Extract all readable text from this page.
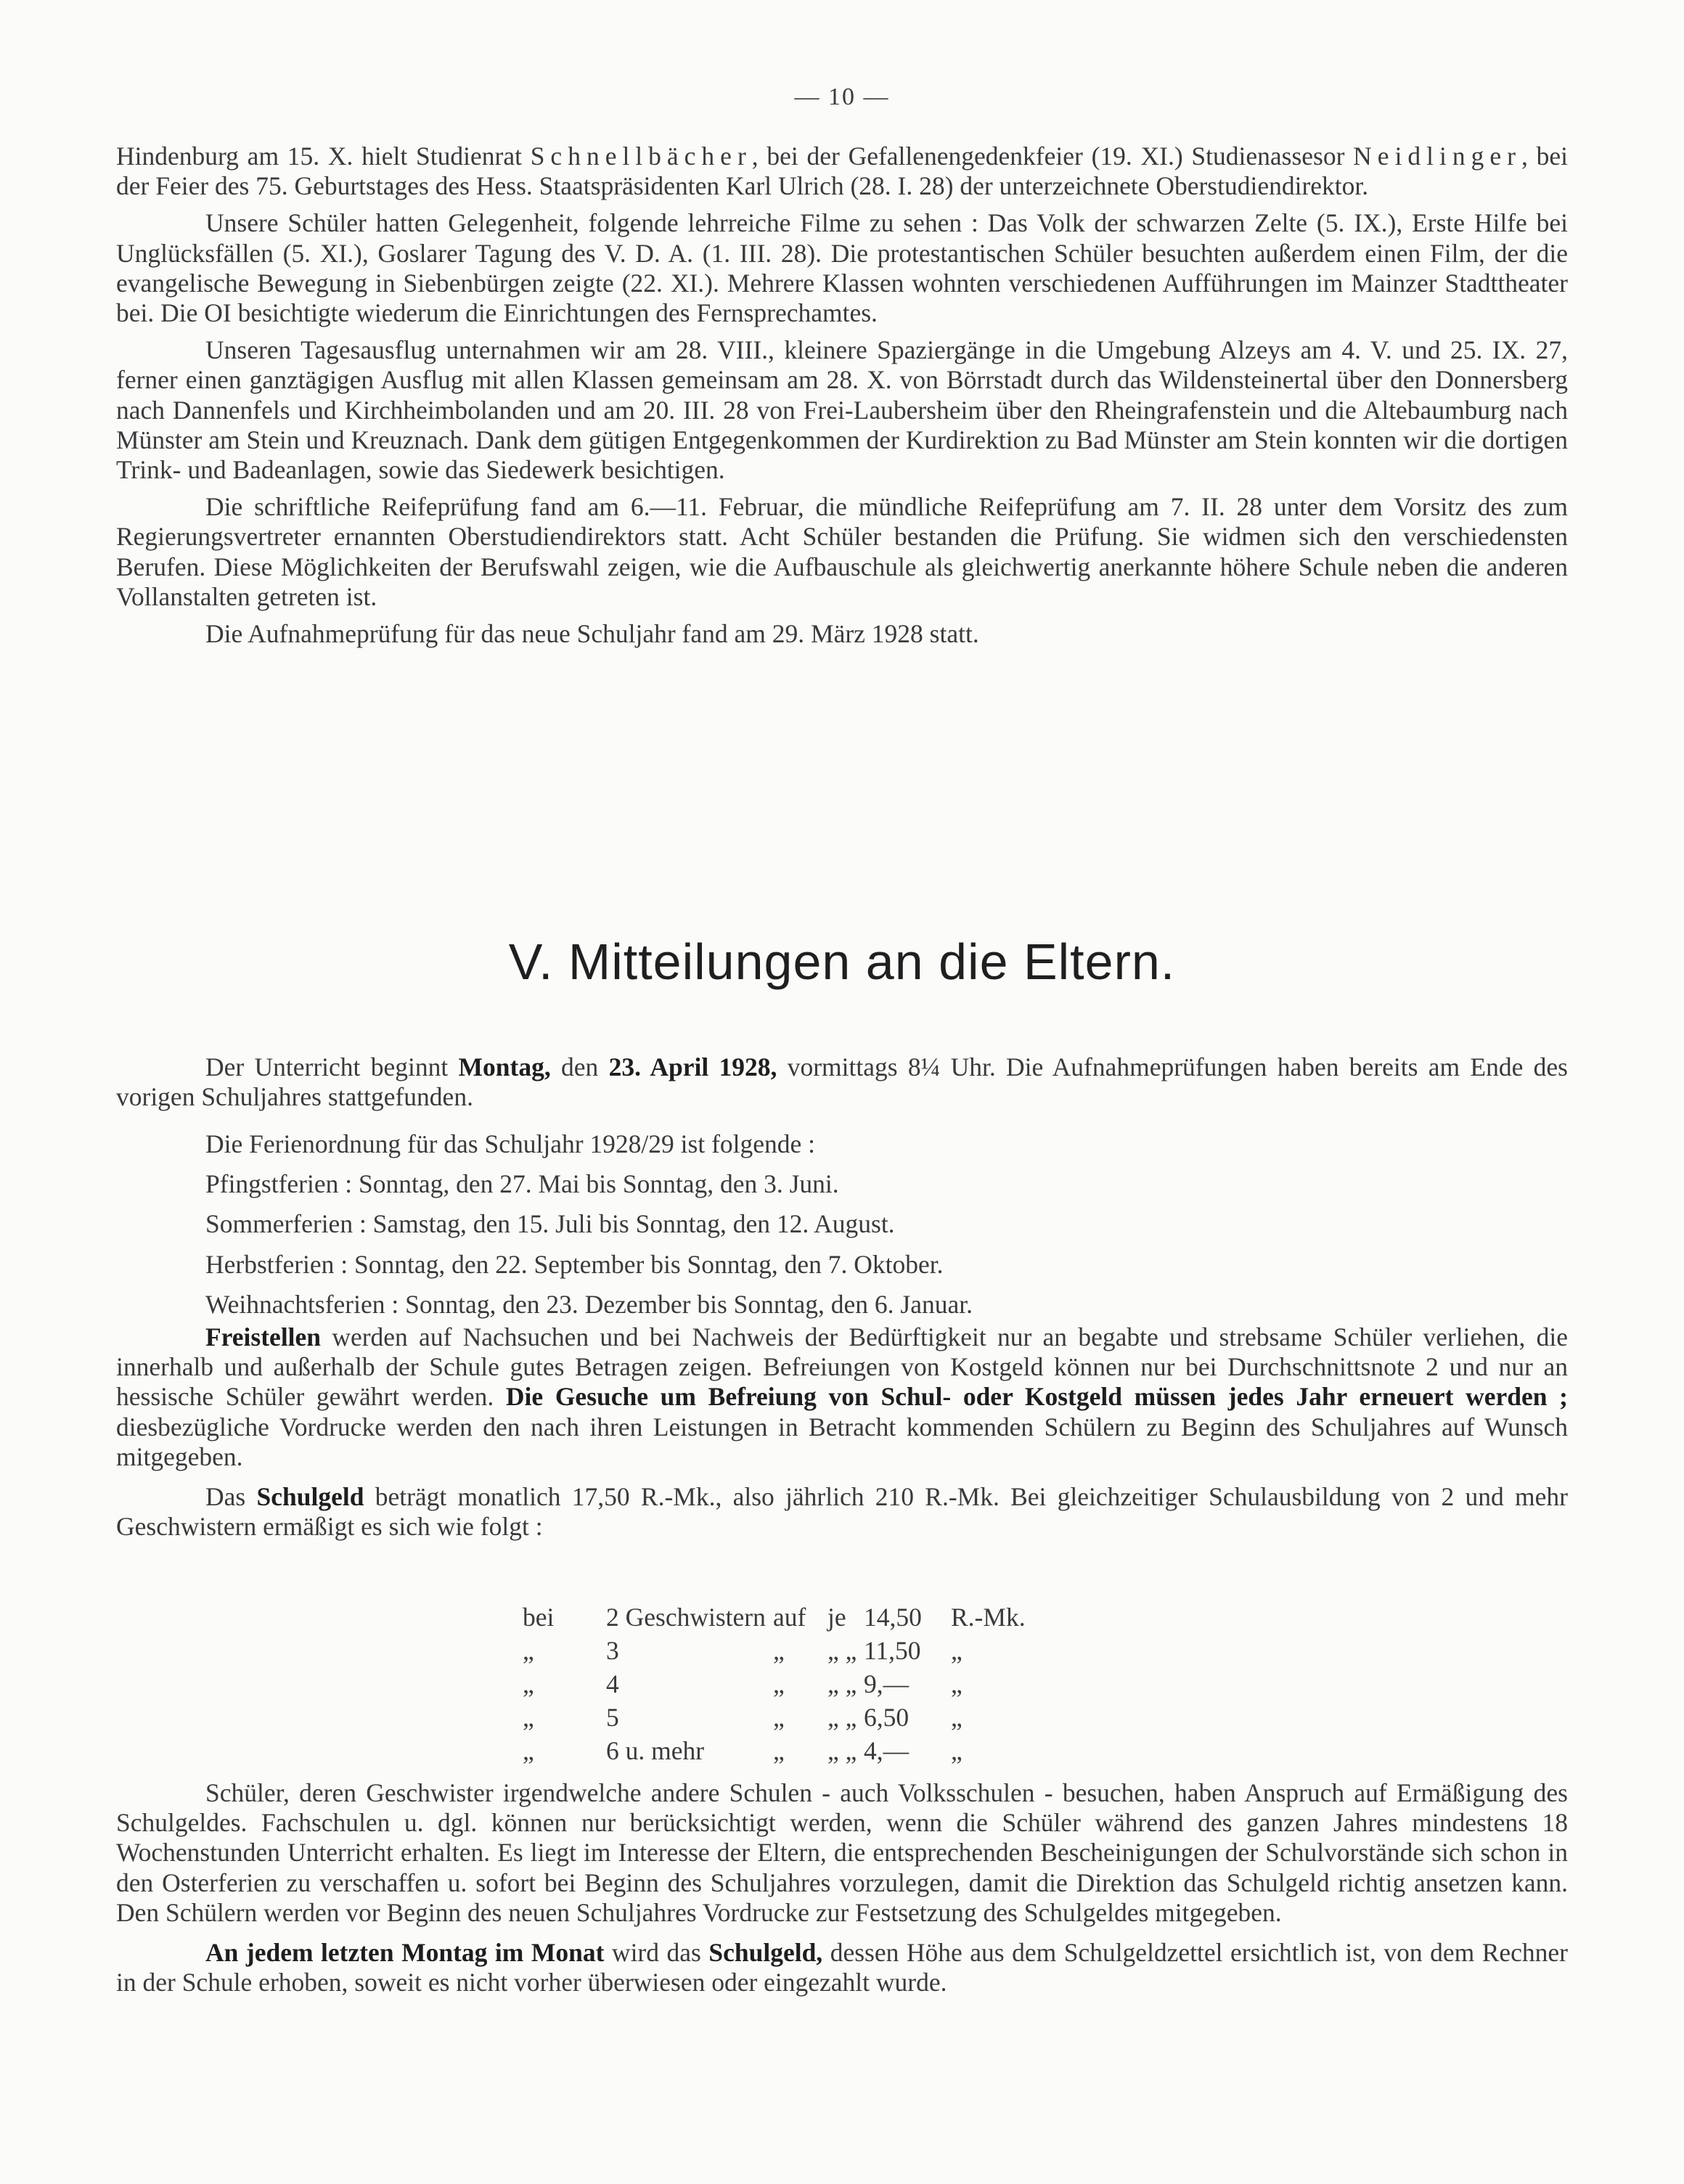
— 10 —

Hindenburg am 15. X. hielt Studienrat Schnellbächer, bei der Gefallenengedenkfeier (19. XI.) Studienassesor Neidlinger, bei der Feier des 75. Geburtstages des Hess. Staatspräsidenten Karl Ulrich (28. I. 28) der unterzeichnete Oberstudiendirektor.

Unsere Schüler hatten Gelegenheit, folgende lehrreiche Filme zu sehen : Das Volk der schwarzen Zelte (5. IX.), Erste Hilfe bei Unglücksfällen (5. XI.), Goslarer Tagung des V. D. A. (1. III. 28). Die protestantischen Schüler besuchten außerdem einen Film, der die evangelische Bewegung in Siebenbürgen zeigte (22. XI.). Mehrere Klassen wohnten verschiedenen Aufführungen im Mainzer Stadttheater bei. Die OI besichtigte wiederum die Einrichtungen des Fernsprechamtes.

Unseren Tagesausflug unternahmen wir am 28. VIII., kleinere Spaziergänge in die Umgebung Alzeys am 4. V. und 25. IX. 27, ferner einen ganztägigen Ausflug mit allen Klassen gemeinsam am 28. X. von Börrstadt durch das Wildensteinertal über den Donnersberg nach Dannenfels und Kirchheimbolanden und am 20. III. 28 von Frei-Laubersheim über den Rheingrafenstein und die Altebaumburg nach Münster am Stein und Kreuznach. Dank dem gütigen Entgegenkommen der Kurdirektion zu Bad Münster am Stein konnten wir die dortigen Trink- und Badeanlagen, sowie das Siedewerk besichtigen.

Die schriftliche Reifeprüfung fand am 6.—11. Februar, die mündliche Reifeprüfung am 7. II. 28 unter dem Vorsitz des zum Regierungsvertreter ernannten Oberstudiendirektors statt. Acht Schüler bestanden die Prüfung. Sie widmen sich den verschiedensten Berufen. Diese Möglichkeiten der Berufswahl zeigen, wie die Aufbauschule als gleichwertig anerkannte höhere Schule neben die anderen Vollanstalten getreten ist.

Die Aufnahmeprüfung für das neue Schuljahr fand am 29. März 1928 statt.

V. Mitteilungen an die Eltern.

Der Unterricht beginnt Montag, den 23. April 1928, vormittags 8¼ Uhr. Die Aufnahmeprüfungen haben bereits am Ende des vorigen Schuljahres stattgefunden.

Die Ferienordnung für das Schuljahr 1928/29 ist folgende :
Pfingstferien : Sonntag, den 27. Mai bis Sonntag, den 3. Juni.
Sommerferien : Samstag, den 15. Juli bis Sonntag, den 12. August.
Herbstferien : Sonntag, den 22. September bis Sonntag, den 7. Oktober.
Weihnachtsferien : Sonntag, den 23. Dezember bis Sonntag, den 6. Januar.

Freistellen werden auf Nachsuchen und bei Nachweis der Bedürftigkeit nur an begabte und strebsame Schüler verliehen, die innerhalb und außerhalb der Schule gutes Betragen zeigen. Befreiungen von Kostgeld können nur bei Durchschnittsnote 2 und nur an hessische Schüler gewährt werden. Die Gesuche um Befreiung von Schul- oder Kostgeld müssen jedes Jahr erneuert werden ; diesbezügliche Vordrucke werden den nach ihren Leistungen in Betracht kommenden Schülern zu Beginn des Schuljahres auf Wunsch mitgegeben.

Das Schulgeld beträgt monatlich 17,50 R.-Mk., also jährlich 210 R.-Mk. Bei gleichzeitiger Schulausbildung von 2 und mehr Geschwistern ermäßigt es sich wie folgt :

bei	2 Geschwistern auf je 14,50	R.-Mk.
„	3	„	„ „ 11,50	„
„	4	„	„ „ 9,—	„
„	5	„	„ „ 6,50	„
„	6 u. mehr	„	„ „ 4,—	„

Schüler, deren Geschwister irgendwelche andere Schulen - auch Volksschulen - besuchen, haben Anspruch auf Ermäßigung des Schulgeldes. Fachschulen u. dgl. können nur berücksichtigt werden, wenn die Schüler während des ganzen Jahres mindestens 18 Wochenstunden Unterricht erhalten. Es liegt im Interesse der Eltern, die entsprechenden Bescheinigungen der Schulvorstände sich schon in den Osterferien zu verschaffen u. sofort bei Beginn des Schuljahres vorzulegen, damit die Direktion das Schulgeld richtig ansetzen kann. Den Schülern werden vor Beginn des neuen Schuljahres Vordrucke zur Festsetzung des Schulgeldes mitgegeben.

An jedem letzten Montag im Monat wird das Schulgeld, dessen Höhe aus dem Schulgeldzettel ersichtlich ist, von dem Rechner in der Schule erhoben, soweit es nicht vorher überwiesen oder eingezahlt wurde.
